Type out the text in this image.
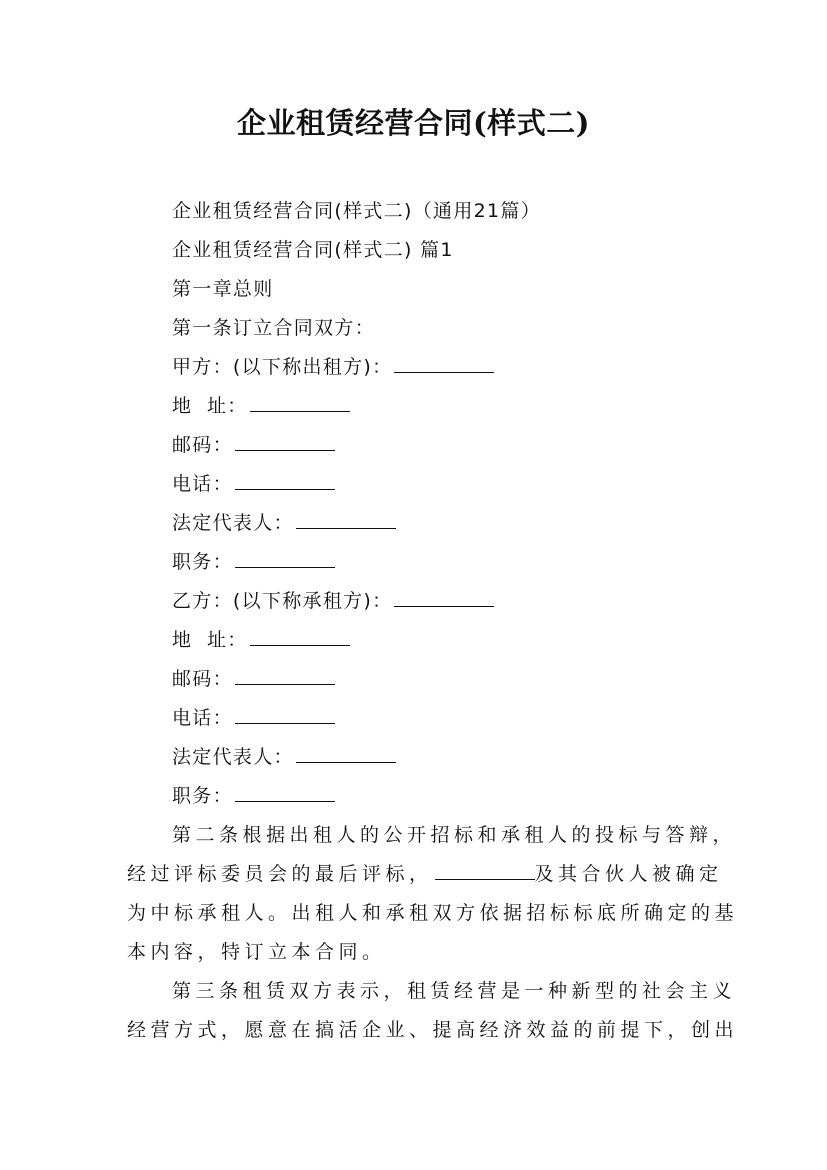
企业租赁经营合同(样式二)
企业租赁经营合同(样式二)（通用21篇）
企业租赁经营合同(样式二) 篇1
第一章总则
第一条订立合同双方：
甲方：(以下称出租方)：
地  址：
邮码：
电话：
法定代表人：
职务：
乙方：(以下称承租方)：
地  址：
邮码：
电话：
法定代表人：
职务：
第二条根据出租人的公开招标和承租人的投标与答辩，
经过评标委员会的最后评标，	及其合伙人被确定
为中标承租人。出租人和承租双方依据招标标底所确定的基
本内容，特订立本合同。
第三条租赁双方表示，租赁经营是一种新型的社会主义
经营方式，愿意在搞活企业、提高经济效益的前提下，创出
